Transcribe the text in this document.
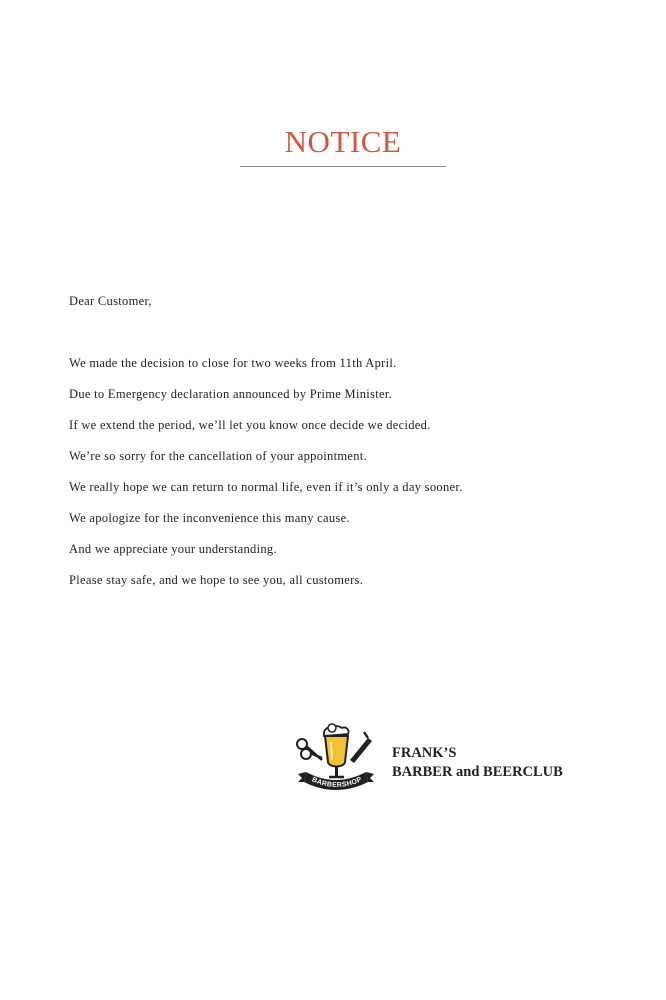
NOTICE
Dear Customer,
We made the decision to close for two weeks from 11th April.
Due to Emergency declaration announced by Prime Minister.
If we extend the period, we’ll let you know once decide we decided.
We’re so sorry for the cancellation of your appointment.
We really hope we can return to normal life, even if it’s only a day sooner.
We apologize for the inconvenience this many cause.
And we appreciate your understanding.
Please stay safe, and we hope to see you, all customers.
BARBERSHOP
FRANK’S
BARBER and BEERCLUB
